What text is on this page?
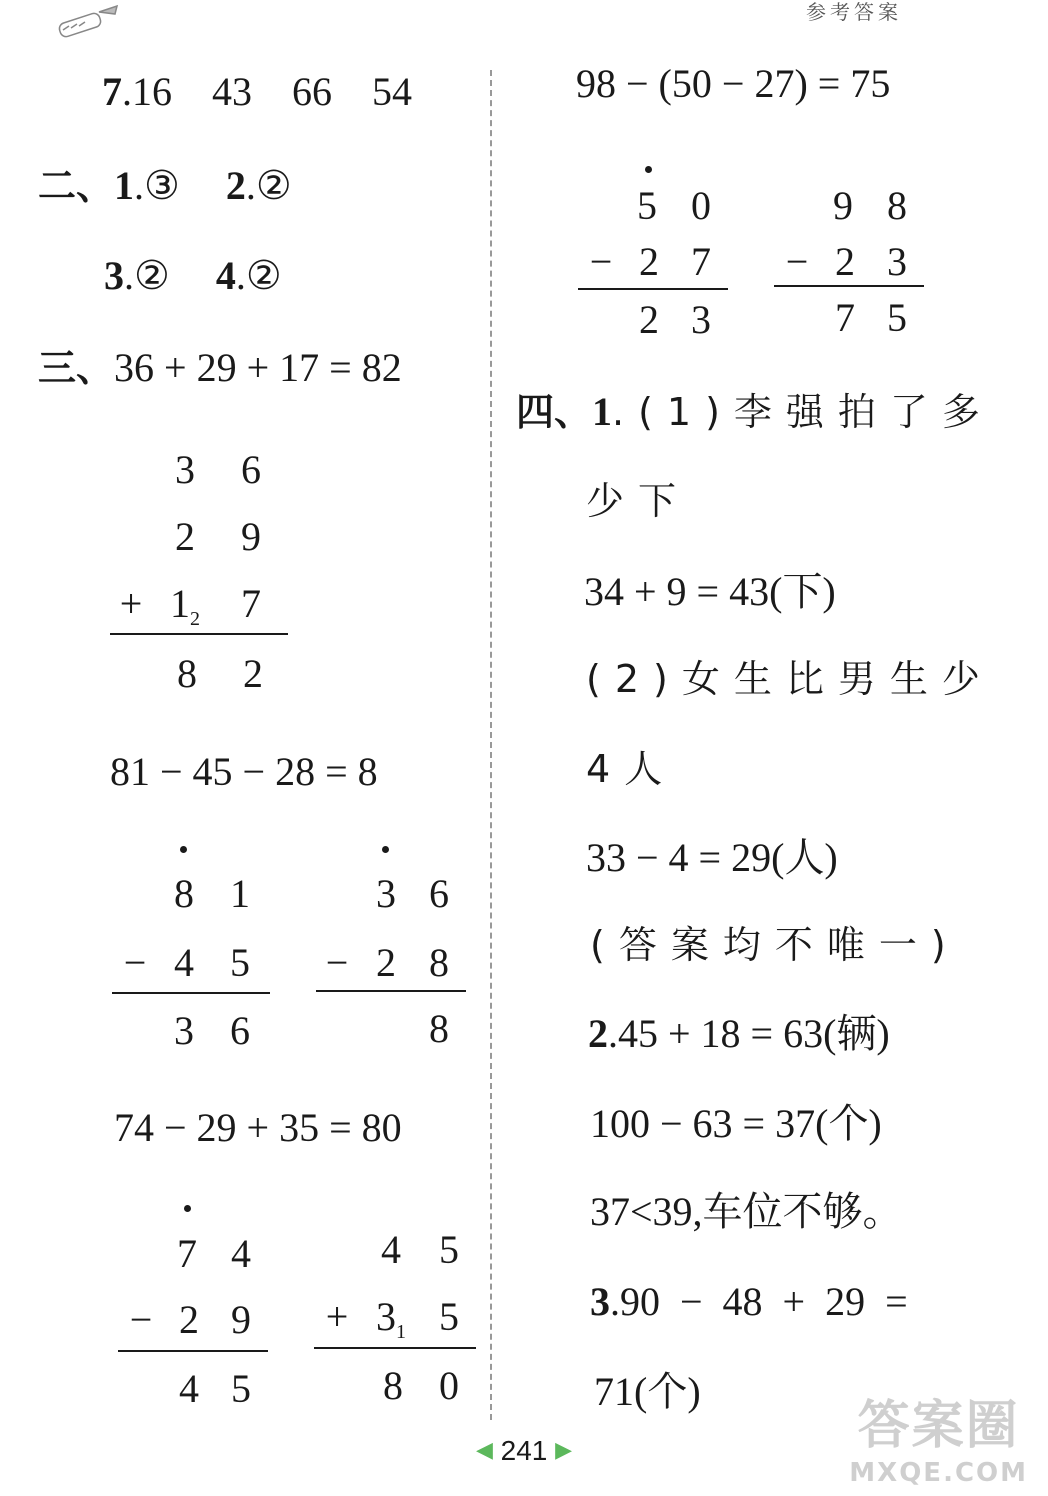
参考答案
7.16    43    66    54
二、1.③ 2.②
3.② 4.②
三、36 + 29 + 17 = 82
3 6
2 9
+ $1_2$ 7
8 2
81 − 45 − 28 = 8
8 1
− 4 5
3 6
3 6
− 2 8
8
74 − 29 + 35 = 80
7 4
− 2 9
4 5
4 5
+ $3_1$ 5
8 0
98 − (50 − 27) = 75
5 0
− 2 7
2 3
9 8
− 2 3
7 5
四、1.(1)李强拍了多
少下
34 + 9 = 43(下)
(2)女生比男生少
4人
33 − 4 = 29(人)
(答案均不唯一)
2.45 + 18 = 63(辆)
100 − 63 = 37(个)
37<39,车位不够。
3.90  −  48  +  29  =
71(个)
◀ 241 ▶	答案圈
MXQE.COM
